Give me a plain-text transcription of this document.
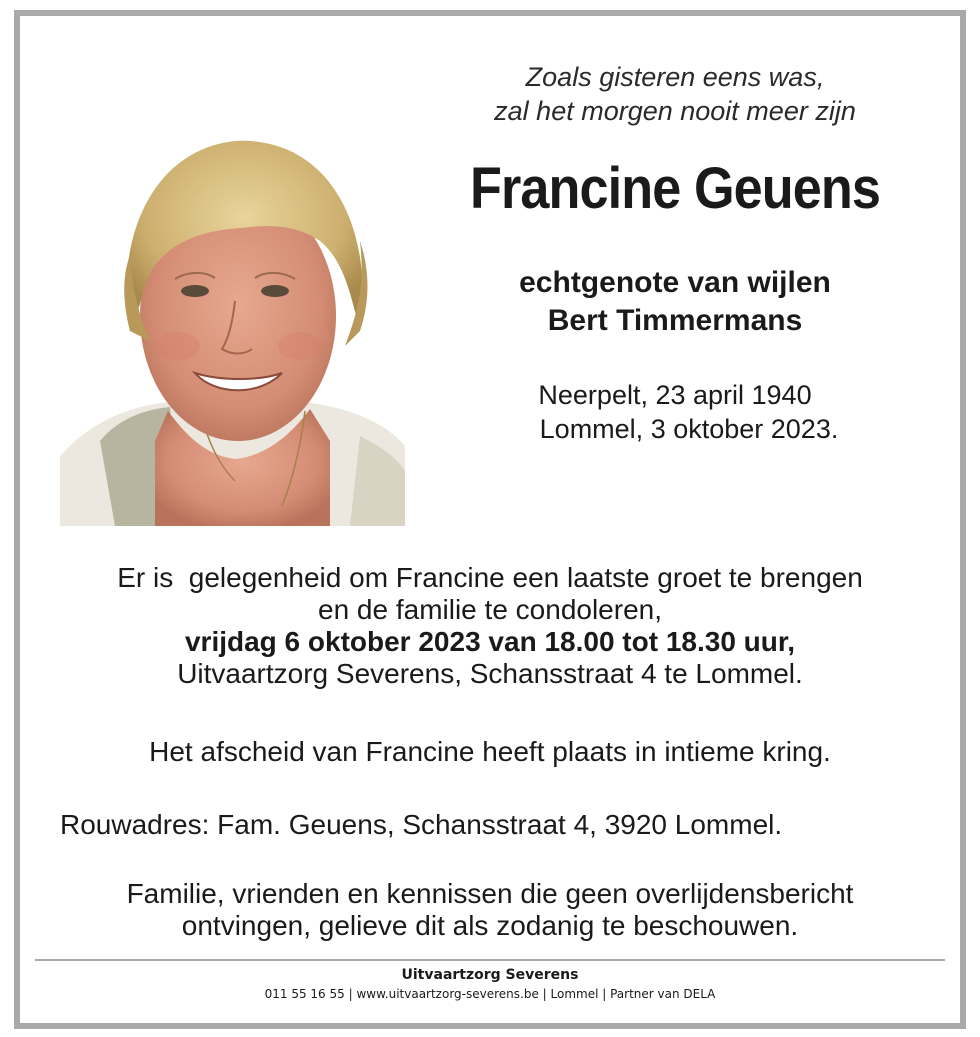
Zoals gisteren eens was,
zal het morgen nooit meer zijn
Francine Geuens
echtgenote van wijlen
Bert Timmermans
Neerpelt, 23 april 1940
Lommel, 3 oktober 2023.
Er is  gelegenheid om Francine een laatste groet te brengen
en de familie te condoleren,
vrijdag 6 oktober 2023 van 18.00 tot 18.30 uur,
Uitvaartzorg Severens, Schansstraat 4 te Lommel.
Het afscheid van Francine heeft plaats in intieme kring.
Rouwadres: Fam. Geuens, Schansstraat 4, 3920 Lommel.
Familie, vrienden en kennissen die geen overlijdensbericht
ontvingen, gelieve dit als zodanig te beschouwen.
Uitvaartzorg Severens
011 55 16 55 | www.uitvaartzorg-severens.be | Lommel | Partner van DELA
